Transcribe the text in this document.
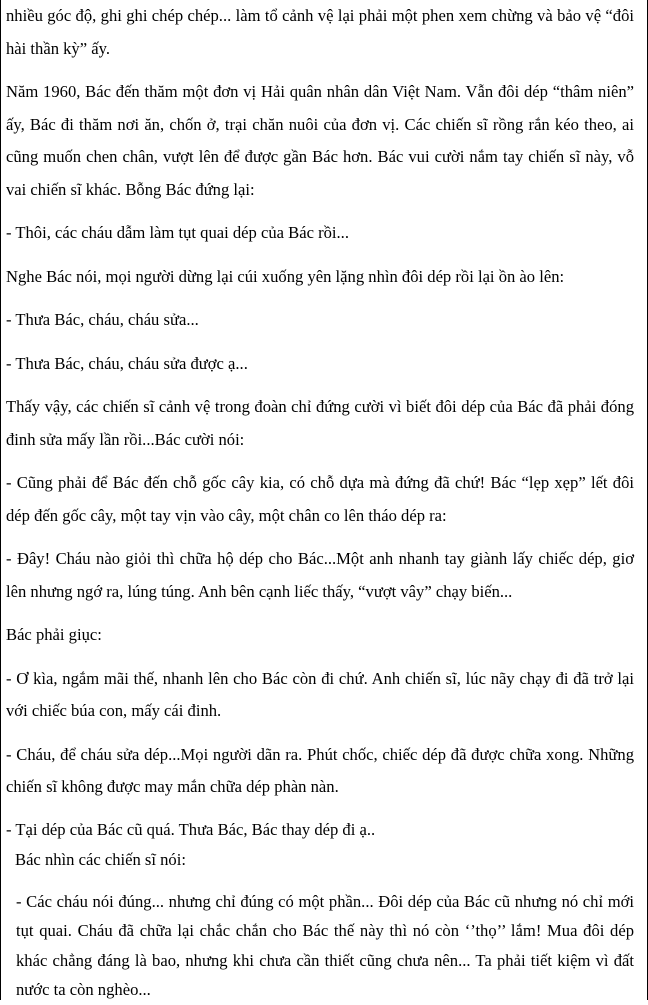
nhiều góc độ, ghi ghi chép chép... làm tổ cảnh vệ lại phải một phen xem chừng và bảo vệ “đôi hài thần kỳ” ấy.

Năm 1960, Bác đến thăm một đơn vị Hải quân nhân dân Việt Nam. Vẫn đôi dép “thâm niên” ấy, Bác đi thăm nơi ăn, chốn ở, trại chăn nuôi của đơn vị. Các chiến sĩ rồng rắn kéo theo, ai cũng muốn chen chân, vượt lên để được gần Bác hơn. Bác vui cười nắm tay chiến sĩ này, vỗ vai chiến sĩ khác. Bỗng Bác đứng lại:

- Thôi, các cháu dẫm làm tụt quai dép của Bác rồi...

Nghe Bác nói, mọi người dừng lại cúi xuống yên lặng nhìn đôi dép rồi lại ồn ào lên:

- Thưa Bác, cháu, cháu sửa...

- Thưa Bác, cháu, cháu sửa được ạ...

Thấy vậy, các chiến sĩ cảnh vệ trong đoàn chỉ đứng cười vì biết đôi dép của Bác đã phải đóng đinh sửa mấy lần rồi...Bác cười nói:

- Cũng phải để Bác đến chỗ gốc cây kia, có chỗ dựa mà đứng đã chứ! Bác “lẹp xẹp” lết đôi dép đến gốc cây, một tay vịn vào cây, một chân co lên tháo dép ra:

- Đây! Cháu nào giỏi thì chữa hộ dép cho Bác...Một anh nhanh tay giành lấy chiếc dép, giơ lên nhưng ngớ ra, lúng túng. Anh bên cạnh liếc thấy, “vượt vây” chạy biến...

Bác phải giục:

- Ơ kìa, ngắm mãi thế, nhanh lên cho Bác còn đi chứ. Anh chiến sĩ, lúc nãy chạy đi đã trở lại với chiếc búa con, mấy cái đinh.

- Cháu, để cháu sửa dép...Mọi người dãn ra. Phút chốc, chiếc dép đã được chữa xong. Những chiến sĩ không được may mắn chữa dép phàn nàn.

- Tại dép của Bác cũ quá. Thưa Bác, Bác thay dép đi ạ..

Bác nhìn các chiến sĩ nói:

- Các cháu nói đúng... nhưng chỉ đúng có một phần... Đôi dép của Bác cũ nhưng nó chỉ mới tụt quai. Cháu đã chữa lại chắc chắn cho Bác thế này thì nó còn ‘’thọ’’ lắm! Mua đôi dép khác chẳng đáng là bao, nhưng khi chưa cần thiết cũng chưa nên... Ta phải tiết kiệm vì đất nước ta còn nghèo...
